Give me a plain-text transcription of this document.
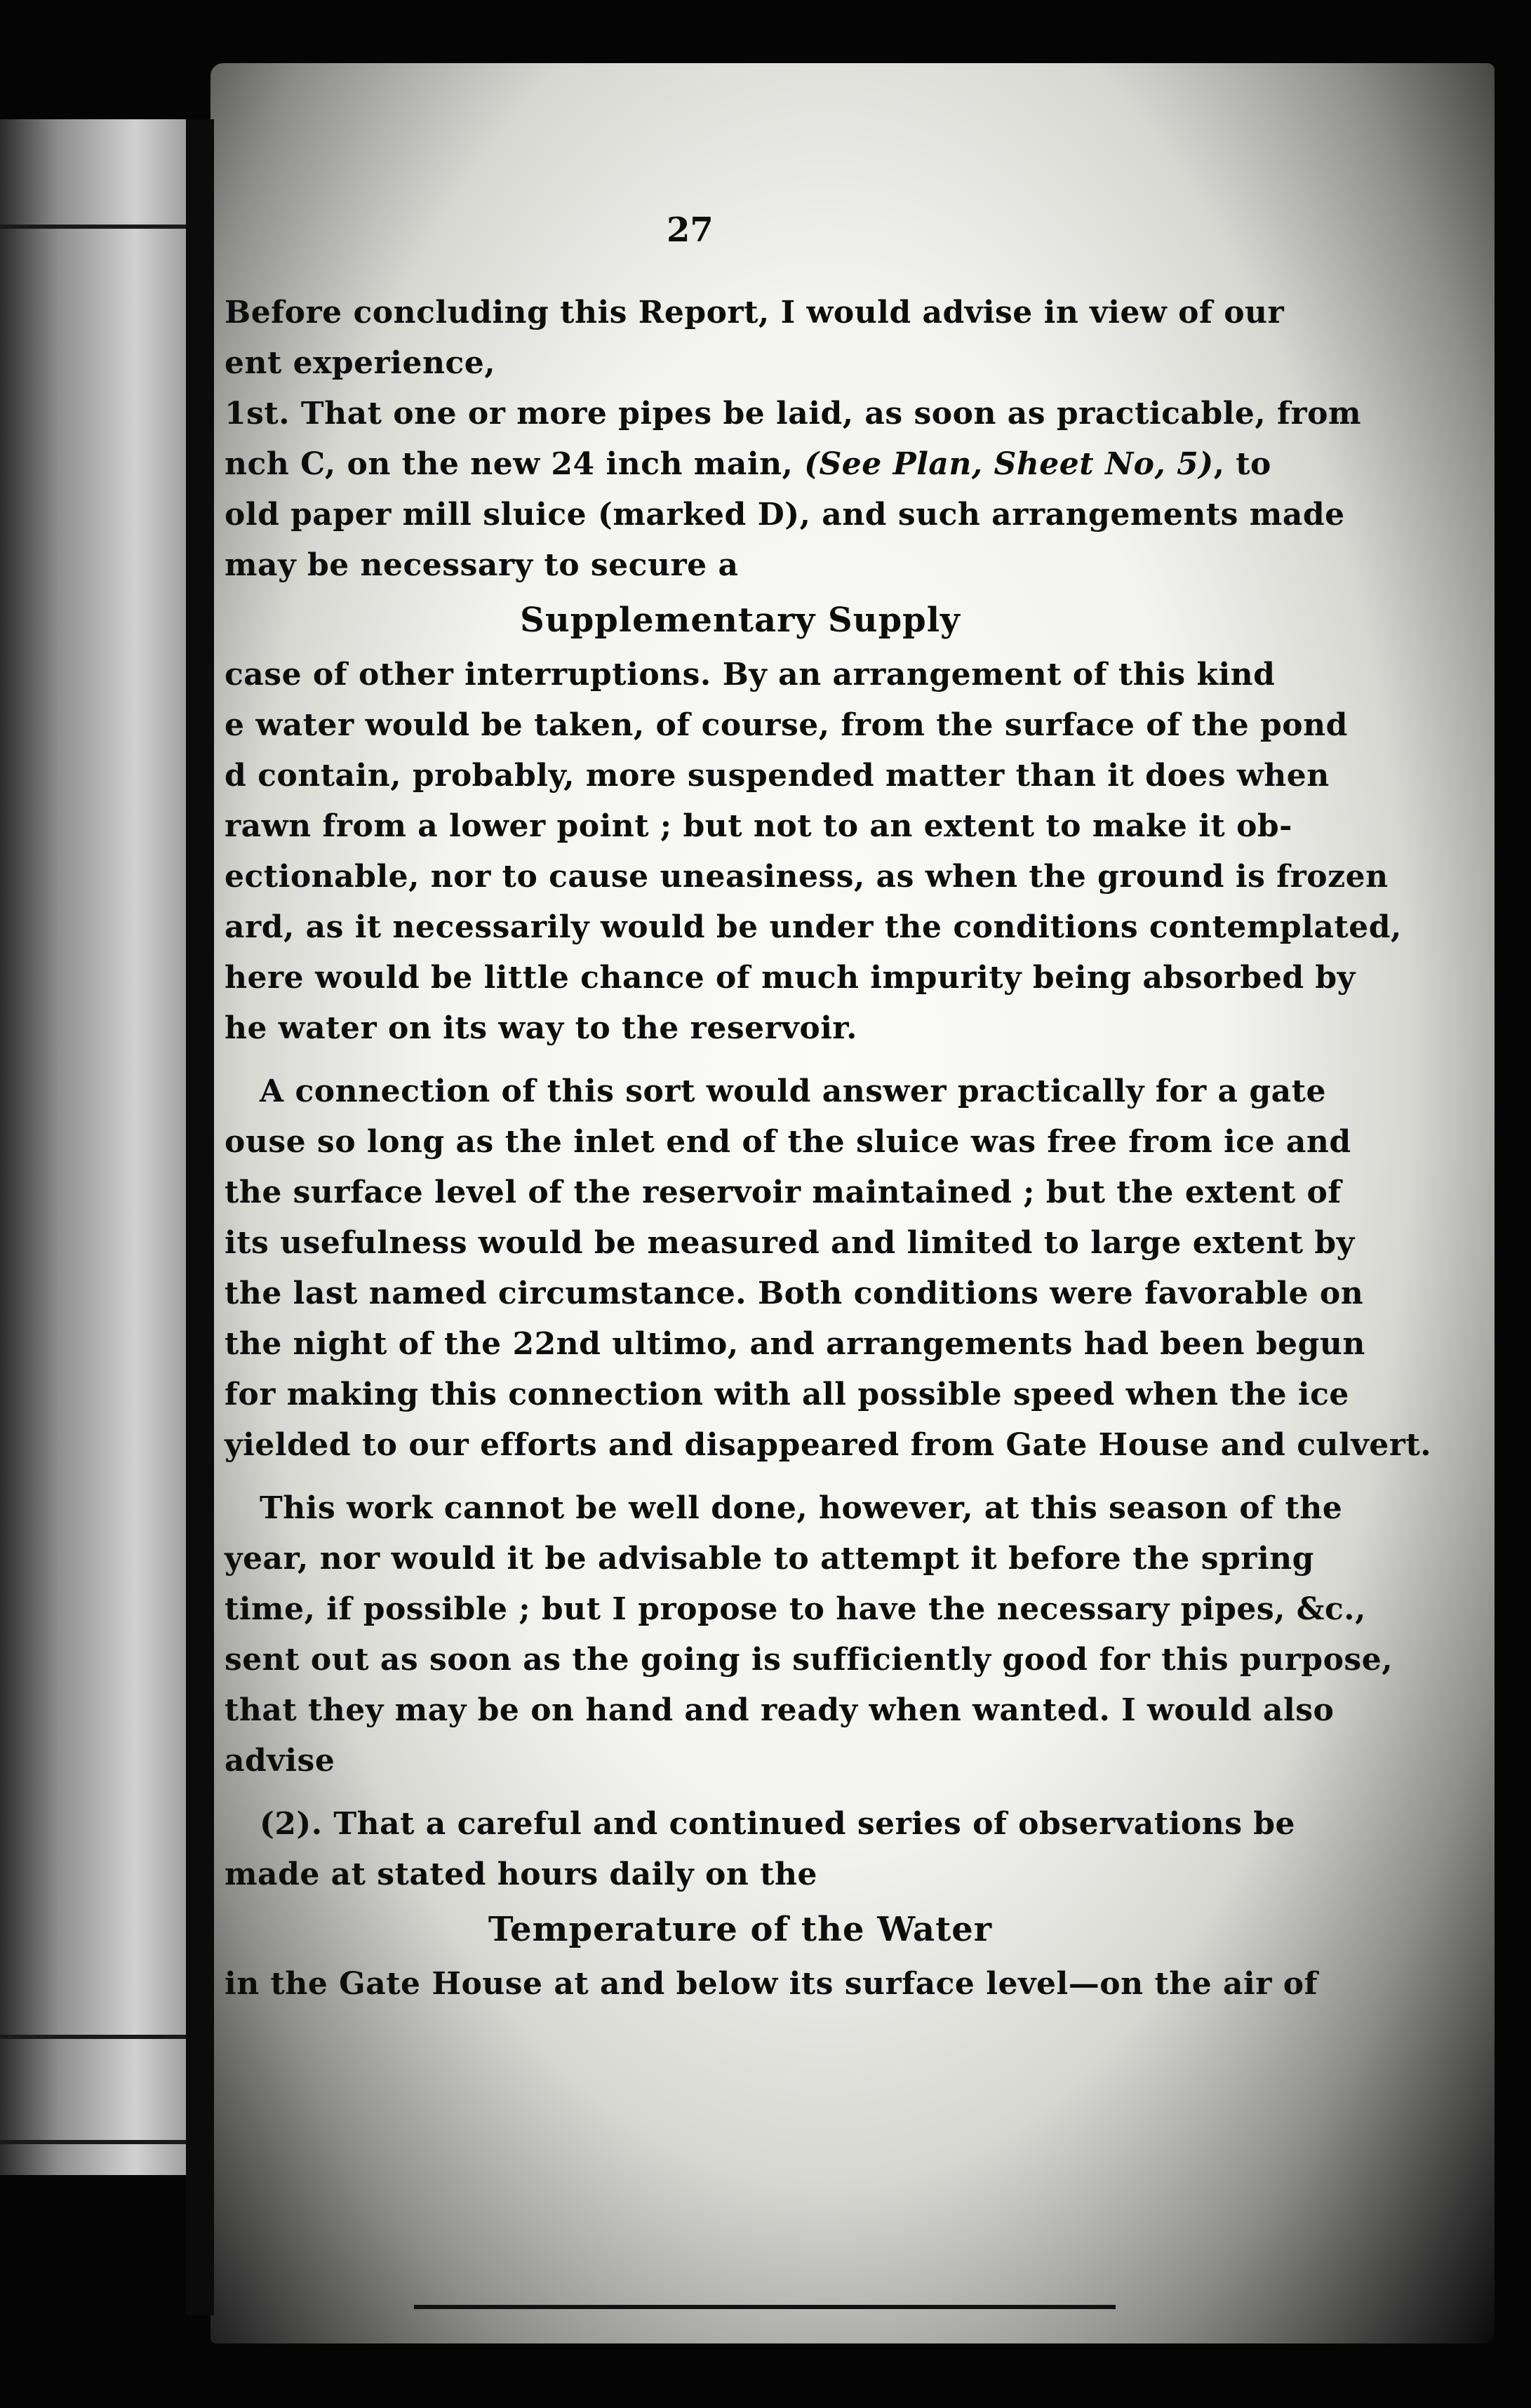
27
Before concluding this Report, I would advise in view of our
ent experience,
1st. That one or more pipes be laid, as soon as practicable, from
nch C, on the new 24 inch main, (See Plan, Sheet No, 5), to
old paper mill sluice (marked D), and such arrangements made
may be necessary to secure a
Supplementary Supply
case of other interruptions. By an arrangement of this kind
e water would be taken, of course, from the surface of the pond
d contain, probably, more suspended matter than it does when
rawn from a lower point ; but not to an extent to make it ob-
ectionable, nor to cause uneasiness, as when the ground is frozen
ard, as it necessarily would be under the conditions contemplated,
here would be little chance of much impurity being absorbed by
he water on its way to the reservoir.
A connection of this sort would answer practically for a gate
ouse so long as the inlet end of the sluice was free from ice and
the surface level of the reservoir maintained ; but the extent of
its usefulness would be measured and limited to large extent by
the last named circumstance. Both conditions were favorable on
the night of the 22nd ultimo, and arrangements had been begun
for making this connection with all possible speed when the ice
yielded to our efforts and disappeared from Gate House and culvert.
This work cannot be well done, however, at this season of the
year, nor would it be advisable to attempt it before the spring
time, if possible ; but I propose to have the necessary pipes, &c.,
sent out as soon as the going is sufficiently good for this purpose,
that they may be on hand and ready when wanted. I would also
advise
(2). That a careful and continued series of observations be
made at stated hours daily on the
Temperature of the Water
in the Gate House at and below its surface level—on the air of
